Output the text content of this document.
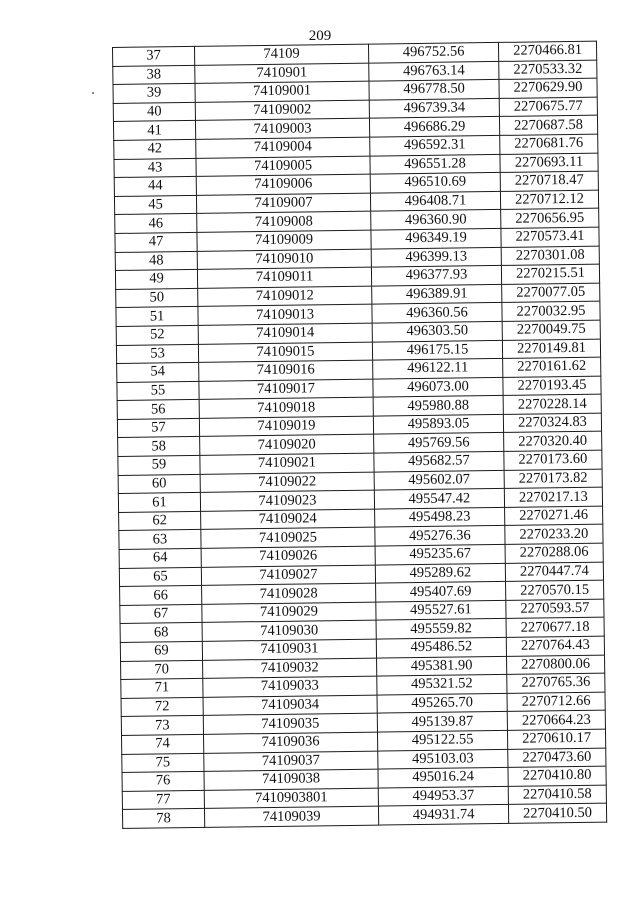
209
37	74109	496752.56	2270466.81
38	7410901	496763.14	2270533.32
39	74109001	496778.50	2270629.90
40	74109002	496739.34	2270675.77
41	74109003	496686.29	2270687.58
42	74109004	496592.31	2270681.76
43	74109005	496551.28	2270693.11
44	74109006	496510.69	2270718.47
45	74109007	496408.71	2270712.12
46	74109008	496360.90	2270656.95
47	74109009	496349.19	2270573.41
48	74109010	496399.13	2270301.08
49	74109011	496377.93	2270215.51
50	74109012	496389.91	2270077.05
51	74109013	496360.56	2270032.95
52	74109014	496303.50	2270049.75
53	74109015	496175.15	2270149.81
54	74109016	496122.11	2270161.62
55	74109017	496073.00	2270193.45
56	74109018	495980.88	2270228.14
57	74109019	495893.05	2270324.83
58	74109020	495769.56	2270320.40
59	74109021	495682.57	2270173.60
60	74109022	495602.07	2270173.82
61	74109023	495547.42	2270217.13
62	74109024	495498.23	2270271.46
63	74109025	495276.36	2270233.20
64	74109026	495235.67	2270288.06
65	74109027	495289.62	2270447.74
66	74109028	495407.69	2270570.15
67	74109029	495527.61	2270593.57
68	74109030	495559.82	2270677.18
69	74109031	495486.52	2270764.43
70	74109032	495381.90	2270800.06
71	74109033	495321.52	2270765.36
72	74109034	495265.70	2270712.66
73	74109035	495139.87	2270664.23
74	74109036	495122.55	2270610.17
75	74109037	495103.03	2270473.60
76	74109038	495016.24	2270410.80
77	7410903801	494953.37	2270410.58
78	74109039	494931.74	2270410.50
